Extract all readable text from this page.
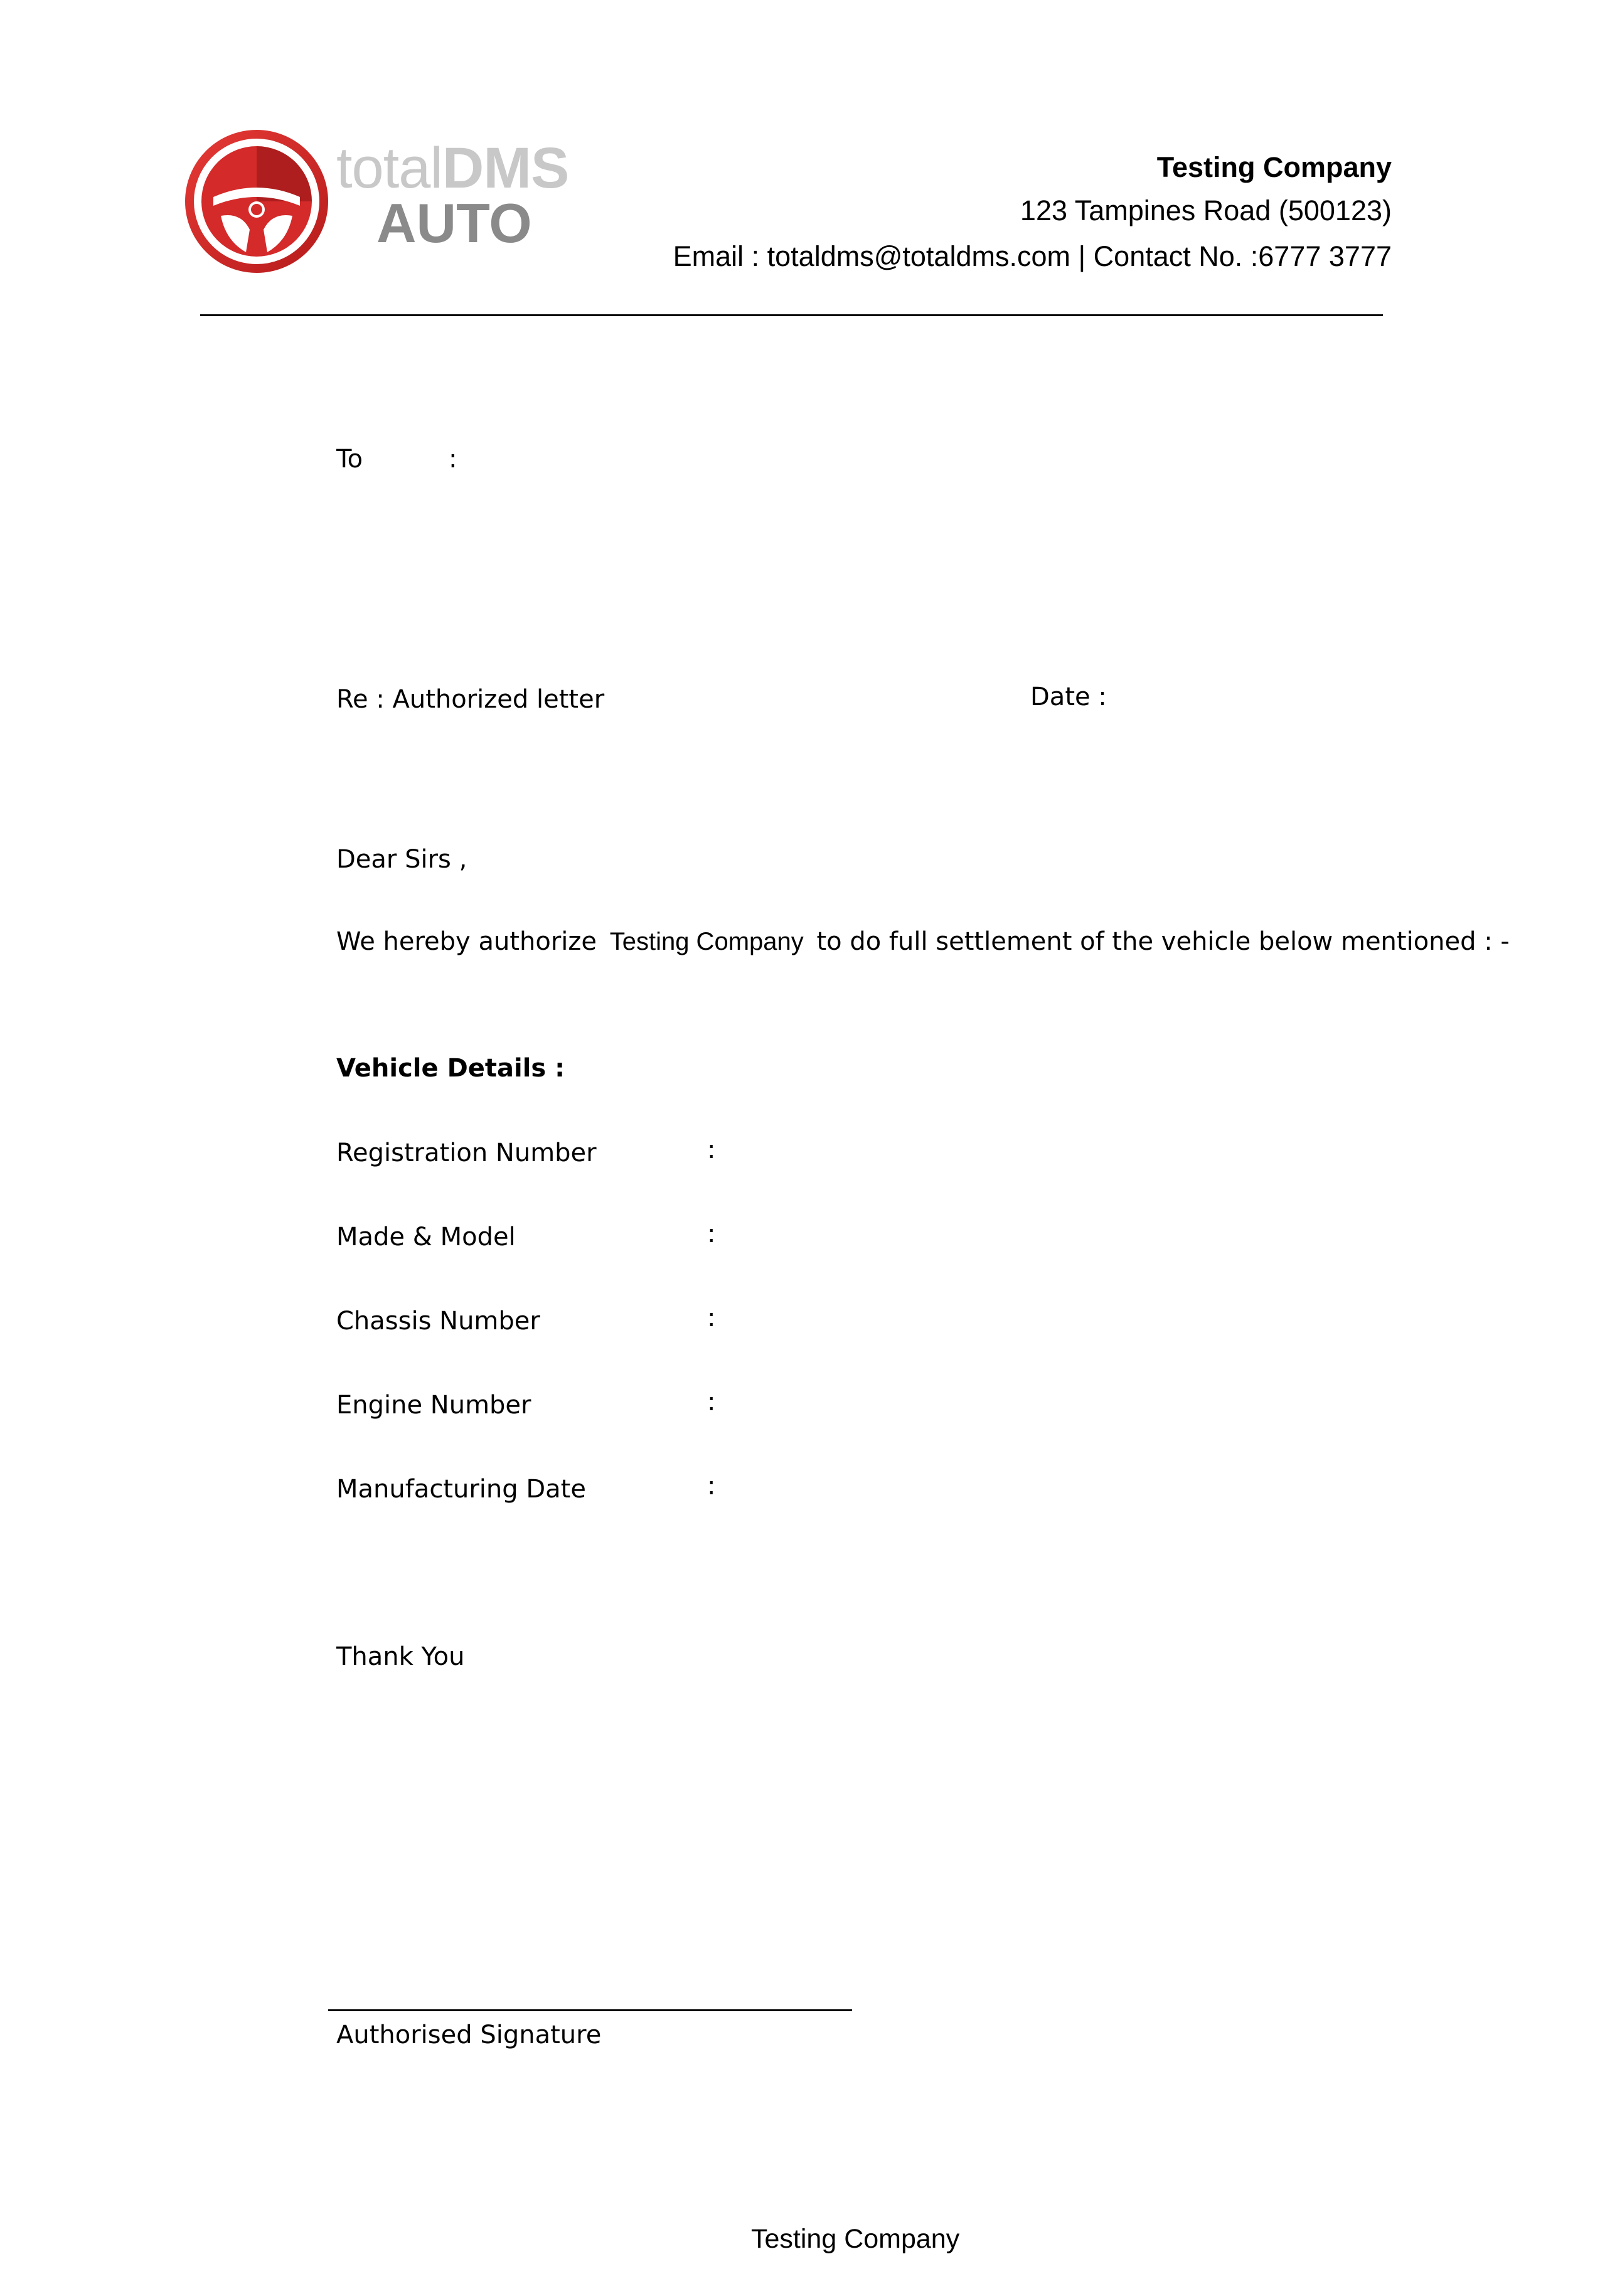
totalDMS
AUTO
Testing Company
123 Tampines Road (500123)
Email : totaldms@totaldms.com | Contact No. :6777 3777
To	:
Re : Authorized letter	Date :
Dear Sirs ,
We hereby authorize Testing Company to do full settlement of the vehicle below mentioned : -
Vehicle Details :
Registration Number	:
Made & Model	:
Chassis Number	:
Engine Number	:
Manufacturing Date	:
Thank You
Authorised Signature
Testing Company
